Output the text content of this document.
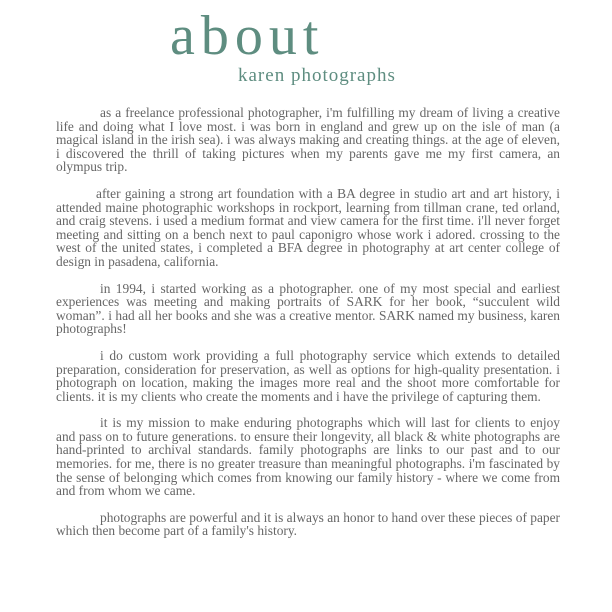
about
karen photographs

as a freelance professional photographer, i'm fulfilling my dream of living a creative life and doing what I love most. i was born in england and grew up on the isle of man (a magical island in the irish sea). i was always making and creating things. at the age of eleven, i discovered the thrill of taking pictures when my parents gave me my first camera, an olympus trip.

after gaining a strong art foundation with a BA degree in studio art and art history, i attended maine photographic workshops in rockport, learning from tillman crane, ted orland, and craig stevens. i used a medium format and view camera for the first time. i'll never forget meeting and sitting on a bench next to paul caponigro whose work i adored. crossing to the west of the united states, i completed a BFA degree in photography at art center college of design in pasadena, california.

in 1994, i started working as a photographer. one of my most special and earliest experiences was meeting and making portraits of SARK for her book, “succulent wild woman”. i had all her books and she was a creative mentor. SARK named my business, karen photographs!

i do custom work providing a full photography service which extends to detailed preparation, consideration for preservation, as well as options for high-quality presentation. i photograph on location, making the images more real and the shoot more comfortable for clients. it is my clients who create the moments and i have the privilege of capturing them.

it is my mission to make enduring photographs which will last for clients to enjoy and pass on to future generations. to ensure their longevity, all black & white photographs are hand-printed to archival standards. family photographs are links to our past and to our memories. for me, there is no greater treasure than meaningful photographs. i'm fascinated by the sense of belonging which comes from knowing our family history - where we come from and from whom we came.

photographs are powerful and it is always an honor to hand over these pieces of paper which then become part of a family's history.
